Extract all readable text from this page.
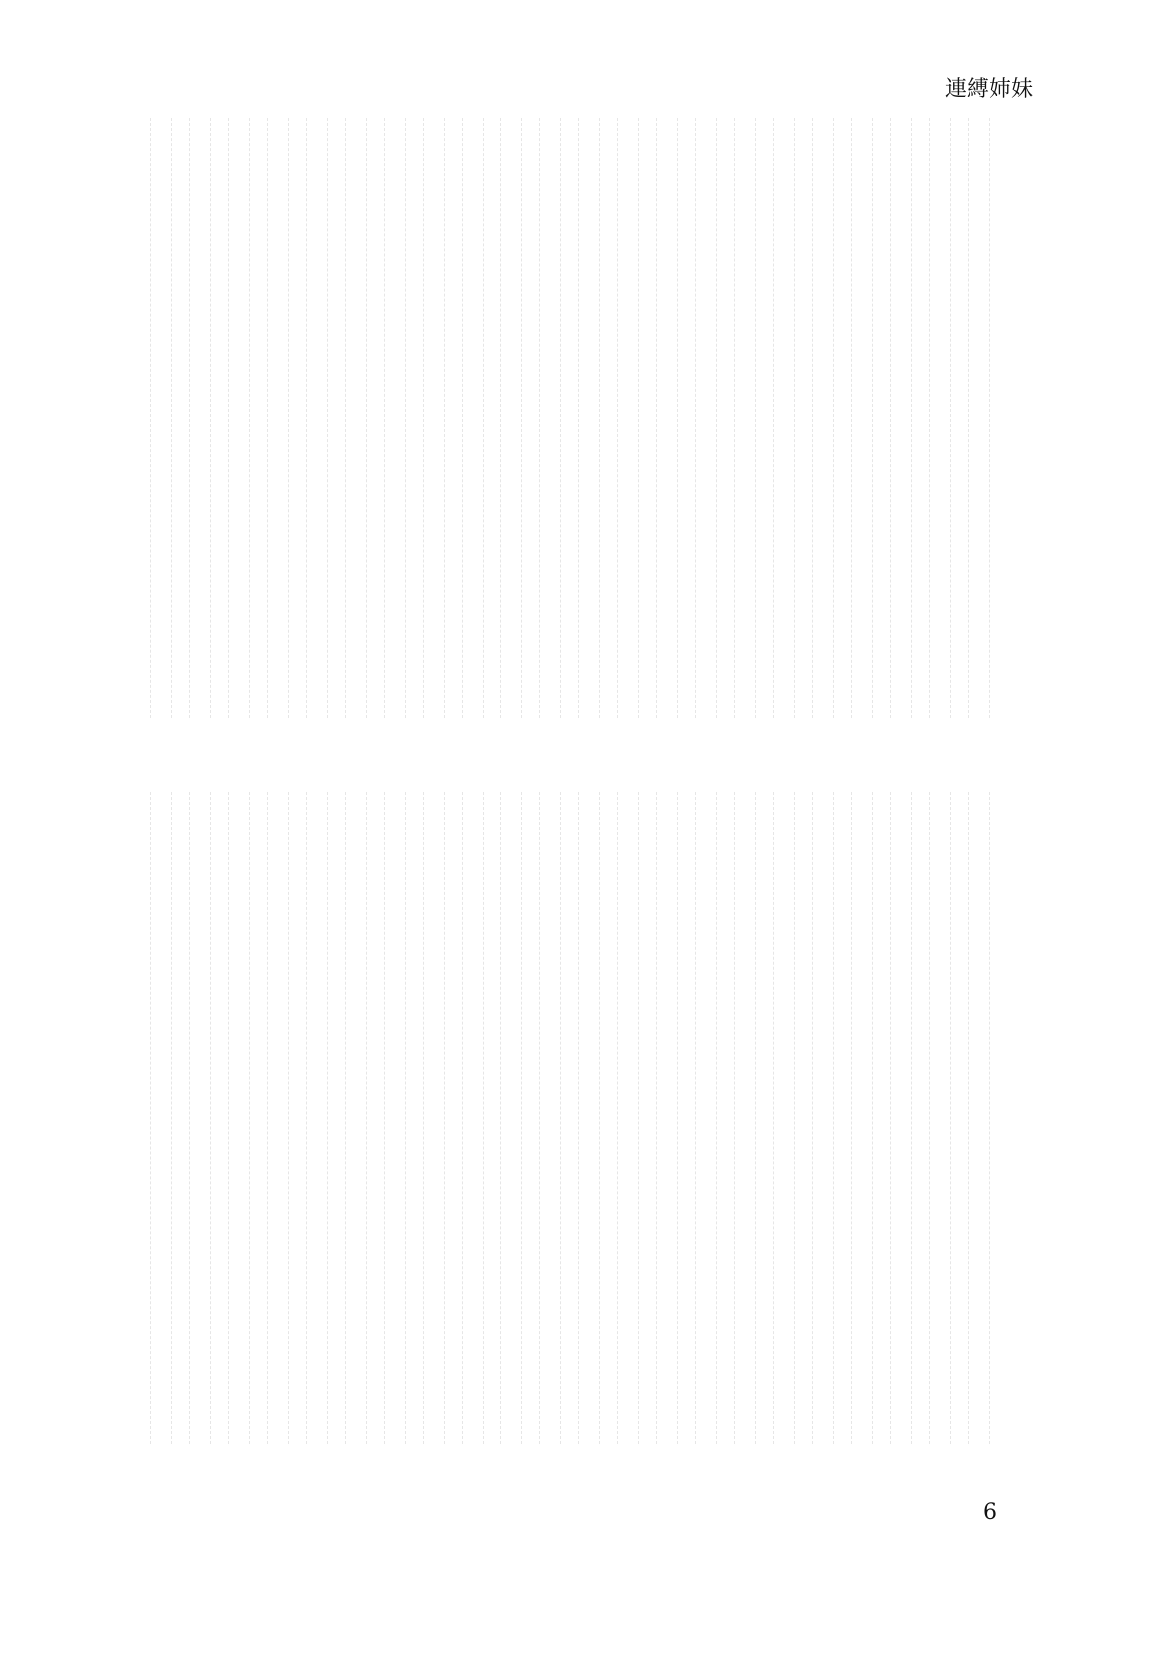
連縛姉妹
6
